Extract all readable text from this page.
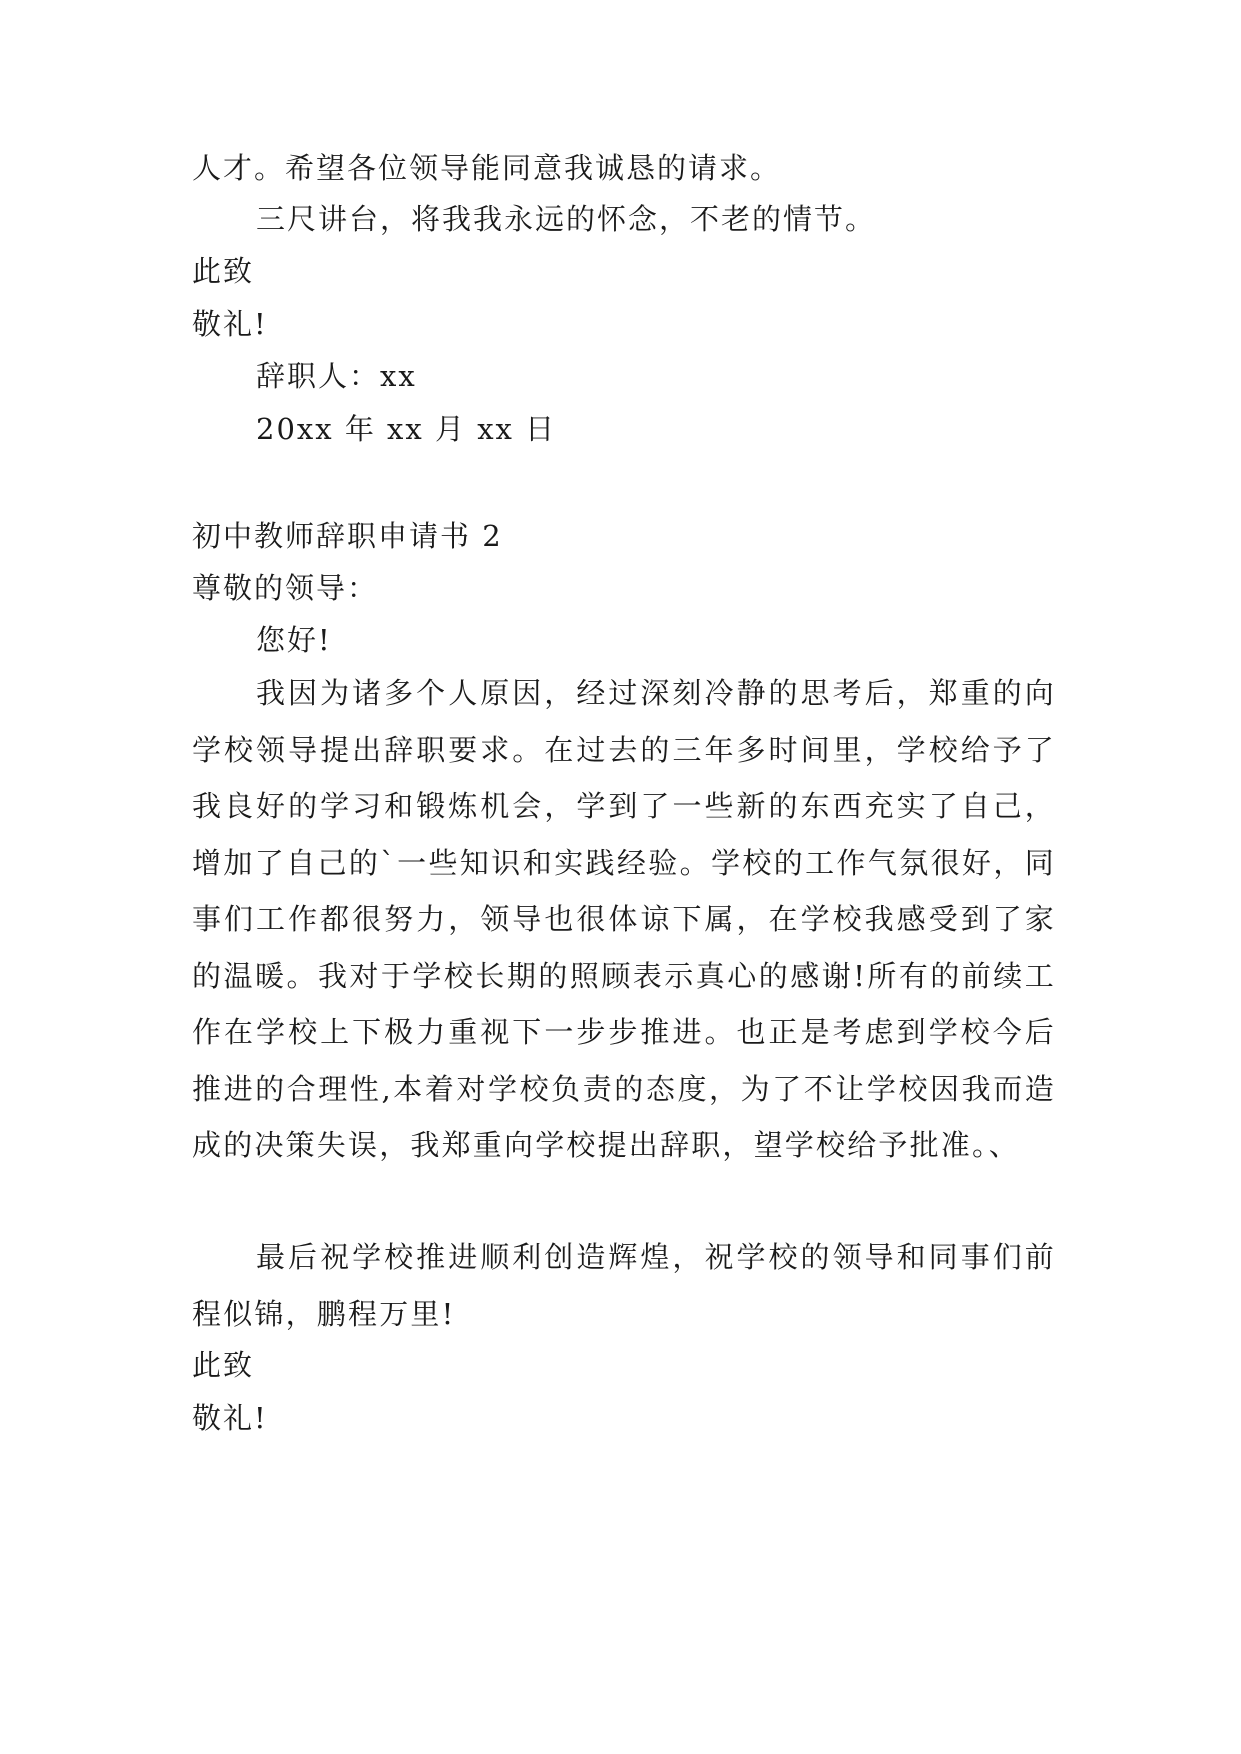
人才。希望各位领导能同意我诚恳的请求。
三尺讲台，将我我永远的怀念，不老的情节。
此致
敬礼!
辞职人：xx
20xx 年 xx 月 xx 日
初中教师辞职申请书 2
尊敬的领导：
您好!
我因为诸多个人原因，经过深刻冷静的思考后，郑重的向学校领导提出辞职要求。在过去的三年多时间里，学校给予了我良好的学习和锻炼机会，学到了一些新的东西充实了自己，增加了自己的`一些知识和实践经验。学校的工作气氛很好，同事们工作都很努力，领导也很体谅下属，在学校我感受到了家的温暖。我对于学校长期的照顾表示真心的感谢!所有的前续工作在学校上下极力重视下一步步推进。也正是考虑到学校今后推进的合理性,本着对学校负责的态度，为了不让学校因我而造成的决策失误，我郑重向学校提出辞职，望学校给予批准。、
最后祝学校推进顺利创造辉煌，祝学校的领导和同事们前程似锦，鹏程万里!
此致
敬礼!
